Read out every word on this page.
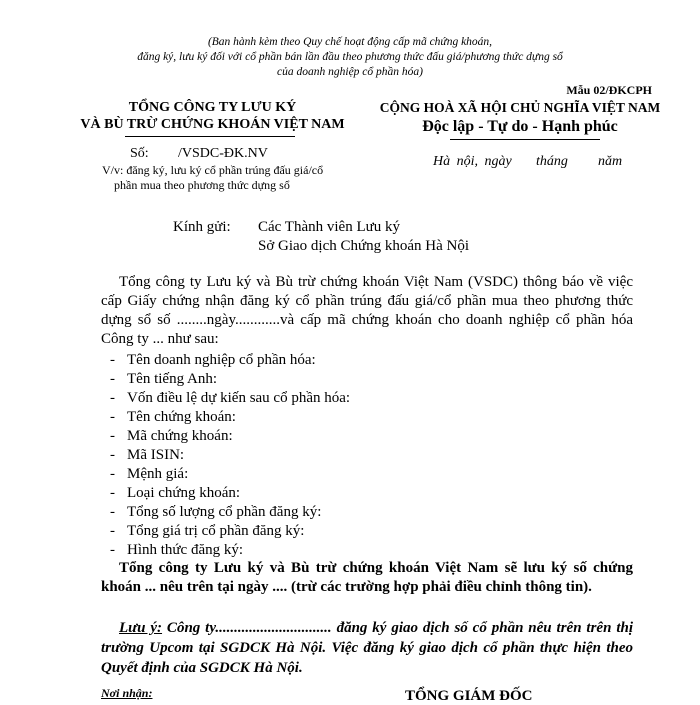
(Ban hành kèm theo Quy chế hoạt động cấp mã chứng khoán,
đăng ký, lưu ký đối với cổ phần bán lần đầu theo phương thức đấu giá/phương thức dựng sổ
của doanh nghiệp cổ phần hóa)
Mẫu 02/ĐKCPH
TỔNG CÔNG TY LƯU KÝ
VÀ BÙ TRỪ CHỨNG KHOÁN VIỆT NAM
CỘNG HOÀ XÃ HỘI CHỦ NGHĨA VIỆT NAM
Độc lập - Tự do - Hạnh phúc
Số: /VSDC-ĐK.NV
V/v: đăng ký, lưu ký cổ phần trúng đấu giá/cổ
phần mua theo phương thức dựng sổ
Hà nội, ngày tháng năm
Kính gửi: Các Thành viên Lưu ký
Sở Giao dịch Chứng khoán Hà Nội
Tổng công ty Lưu ký và Bù trừ chứng khoán Việt Nam (VSDC) thông báo về việc cấp Giấy chứng nhận đăng ký cổ phần trúng đấu giá/cổ phần mua theo phương thức dựng sổ số ........ngày............và cấp mã chứng khoán cho doanh nghiệp cổ phần hóa Công ty ... như sau:
- Tên doanh nghiệp cổ phần hóa:
- Tên tiếng Anh:
- Vốn điều lệ dự kiến sau cổ phần hóa:
- Tên chứng khoán:
- Mã chứng khoán:
- Mã ISIN:
- Mệnh giá:
- Loại chứng khoán:
- Tổng số lượng cổ phần đăng ký:
- Tổng giá trị cổ phần đăng ký:
- Hình thức đăng ký:
Tổng công ty Lưu ký và Bù trừ chứng khoán Việt Nam sẽ lưu ký số chứng khoán ... nêu trên tại ngày .... (trừ các trường hợp phải điều chỉnh thông tin).
Lưu ý: Công ty............................... đăng ký giao dịch số cổ phần nêu trên trên thị trường Upcom tại SGDCK Hà Nội. Việc đăng ký giao dịch cổ phần thực hiện theo Quyết định của SGDCK Hà Nội.
Nơi nhận:	TỔNG GIÁM ĐỐC
